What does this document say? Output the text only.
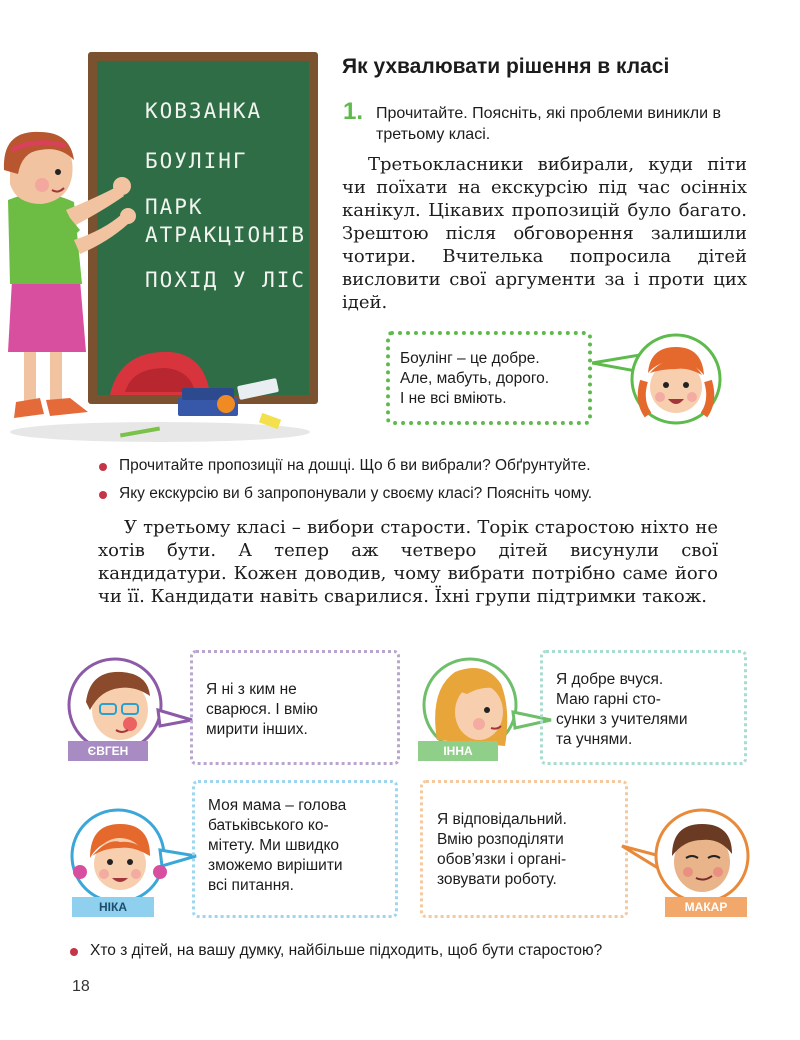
КОВЗАНКА
БОУЛІНГ
ПАРК
АТРАКЦІОНІВ
ПОХІД У ЛІС
Як ухвалювати рішення в класі
1. Прочитайте. Поясніть, які проблеми виникли в третьому класі.
Третьокласники вибирали, куди піти чи поїхати на екскурсію під час осінніх канікул. Цікавих пропозицій було багато. Зрештою після обговорення залишили чотири. Вчителька попросила дітей висловити свої аргументи за і проти цих ідей.
Боулінг – це добре.
Але, мабуть, дорого.
І не всі вміють.
Прочитайте пропозиції на дошці. Що б ви вибрали? Обґрунтуйте.
Яку екскурсію ви б запропонували у своєму класі? Поясніть чому.
У третьому класі – вибори старости. Торік старостою ніхто не хотів бути. А тепер аж четверо дітей висунули свої кандидатури. Кожен доводив, чому вибрати потрібно саме його чи її. Кандидати навіть сварилися. Їхні групи підтримки також.
ЄВГЕН
Я ні з ким не
сварюся. І вмію
мирити інших.
ІННА
Я добре вчуся.
Маю гарні сто-
сунки з учителями
та учнями.
НІКА
Моя мама – голова
батьківського ко-
мітету. Ми швидко
зможемо вирішити
всі питання.
Я відповідальний.
Вмію розподіляти
обов’язки і органі-
зовувати роботу.
МАКАР
Хто з дітей, на вашу думку, найбільше підходить, щоб бути старостою?
18
